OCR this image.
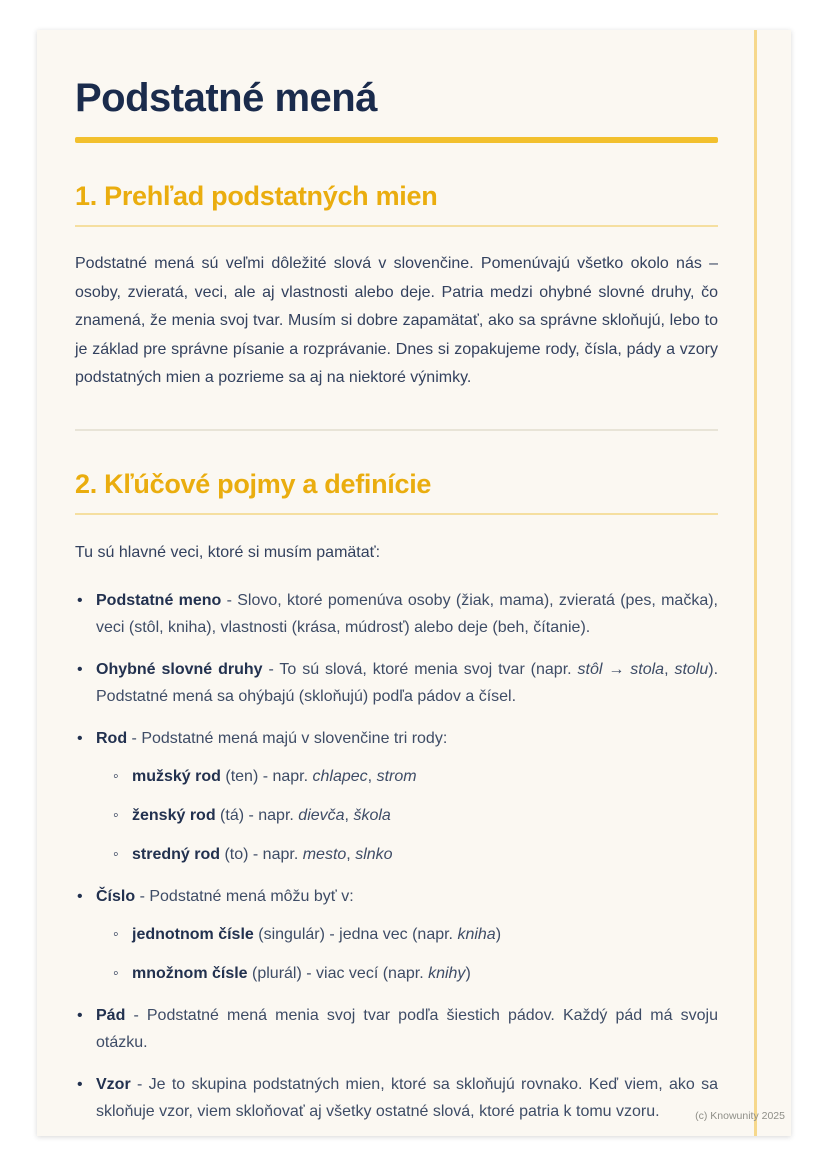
Podstatné mená
1. Prehľad podstatných mien

Podstatné mená sú veľmi dôležité slová v slovenčine. Pomenúvajú všetko okolo nás – osoby, zvieratá, veci, ale aj vlastnosti alebo deje. Patria medzi ohybné slovné druhy, čo znamená, že menia svoj tvar. Musím si dobre zapamätať, ako sa správne skloňujú, lebo to je základ pre správne písanie a rozprávanie. Dnes si zopakujeme rody, čísla, pády a vzory podstatných mien a pozrieme sa aj na niektoré výnimky.

2. Kľúčové pojmy a definície

Tu sú hlavné veci, ktoré si musím pamätať:

• Podstatné meno - Slovo, ktoré pomenúva osoby (žiak, mama), zvieratá (pes, mačka), veci (stôl, kniha), vlastnosti (krása, múdrosť) alebo deje (beh, čítanie).
• Ohybné slovné druhy - To sú slová, ktoré menia svoj tvar (napr. stôl → stola, stolu). Podstatné mená sa ohýbajú (skloňujú) podľa pádov a čísel.
• Rod - Podstatné mená majú v slovenčine tri rody:
◦ mužský rod (ten) - napr. chlapec, strom
◦ ženský rod (tá) - napr. dievča, škola
◦ stredný rod (to) - napr. mesto, slnko
• Číslo - Podstatné mená môžu byť v:
◦ jednotnom čísle (singulár) - jedna vec (napr. kniha)
◦ množnom čísle (plurál) - viac vecí (napr. knihy)
• Pád - Podstatné mená menia svoj tvar podľa šiestich pádov. Každý pád má svoju otázku.
• Vzor - Je to skupina podstatných mien, ktoré sa skloňujú rovnako. Keď viem, ako sa skloňuje vzor, viem skloňovať aj všetky ostatné slová, ktoré patria k tomu vzoru.	(c) Knowunity 2025
